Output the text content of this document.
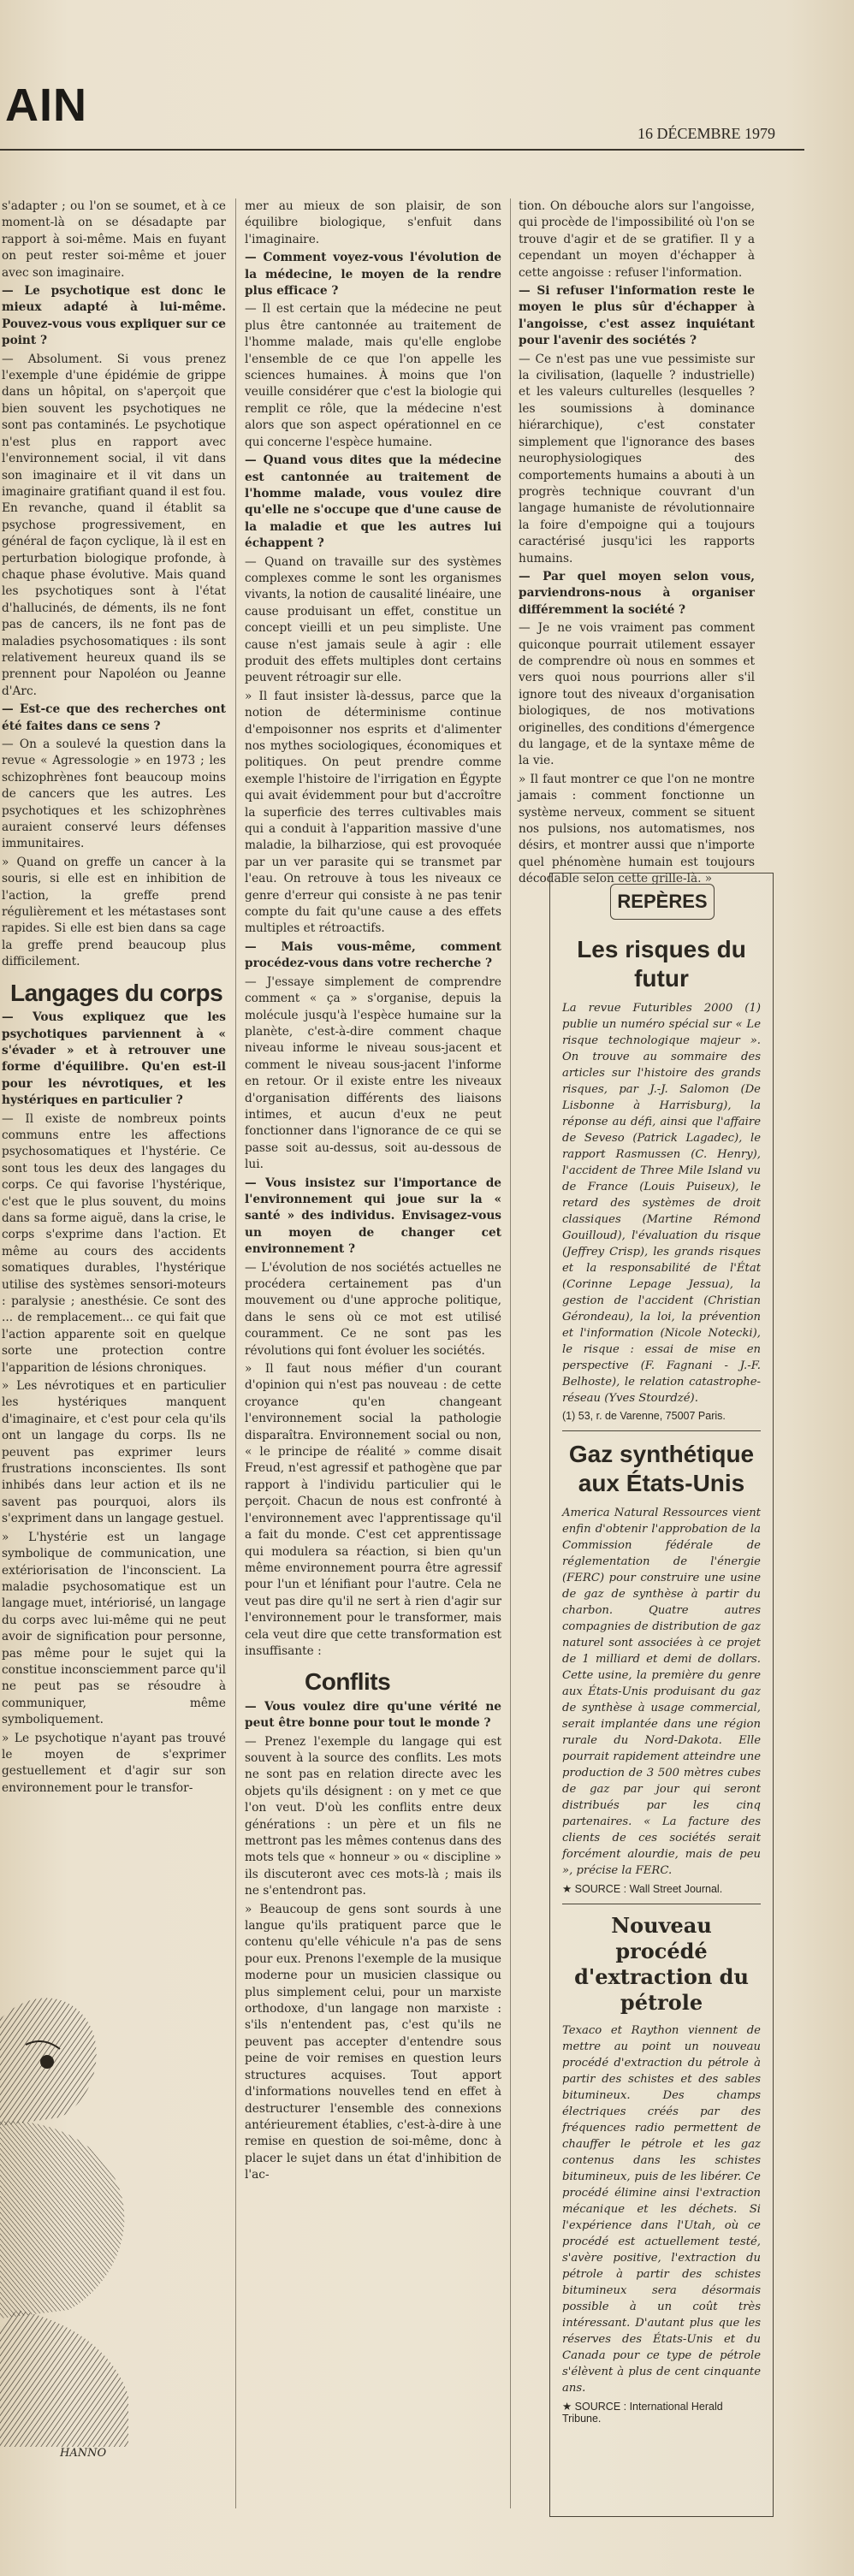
AIN
16 DÉCEMBRE 1979

s'adapter ; ou l'on se soumet, et à ce moment-là on se désadapte par rapport à soi-même. Mais en fuyant on peut rester soi-même et jouer avec son imaginaire.

— Le psychotique est donc le mieux adapté à lui-même. Pouvez-vous vous expliquer sur ce point ?

— Absolument. Si vous prenez l'exemple d'une épidémie de grippe dans un hôpital, on s'aperçoit que bien souvent les psychotiques ne sont pas contaminés. Le psychotique n'est plus en rapport avec l'environnement social, il vit dans son imaginaire et il vit dans un imaginaire gratifiant quand il est fou. En revanche, quand il établit sa psychose progressivement, en général de façon cyclique, là il est en perturbation biologique profonde, à chaque phase évolutive. Mais quand les psychotiques sont à l'état d'hallucinés, de déments, ils ne font pas de cancers, ils ne font pas de maladies psychosomatiques : ils sont relativement heureux quand ils se prennent pour Napoléon ou Jeanne d'Arc.

— Est-ce que des recherches ont été faites dans ce sens ?

— On a soulevé la question dans la revue « Agressologie » en 1973 ; les schizophrènes font beaucoup moins de cancers que les autres. Les psychotiques et les schizophrènes auraient conservé leurs défenses immunitaires.

» Quand on greffe un cancer à la souris, si elle est en inhibition de l'action, la greffe prend régulièrement et les métastases sont rapides. Si elle est bien dans sa cage la greffe prend beaucoup plus difficilement.

Langages du corps

— Vous expliquez que les psychotiques parviennent à « s'évader » et à retrouver une forme d'équilibre. Qu'en est-il pour les névrotiques, et les hystériques en particulier ?

— Il existe de nombreux points communs entre les affections psychosomatiques et l'hystérie. Ce sont tous les deux des langages du corps. Ce qui favorise l'hystérique, c'est que le plus souvent, du moins dans sa forme aiguë, dans la crise, le corps s'exprime dans l'action. Et même au cours des accidents somatiques durables, l'hystérique utilise des systèmes sensori-moteurs : paralysie ; anesthésie. Ce sont des ... de remplacement... ce qui fait que l'action apparente soit en quelque sorte une protection contre l'apparition de lésions chroniques.

» Les névrotiques et en particulier les hystériques manquent d'imaginaire, et c'est pour cela qu'ils ont un langage du corps. Ils ne peuvent pas exprimer leurs frustrations inconscientes. Ils sont inhibés dans leur action et ils ne savent pas pourquoi, alors ils s'expriment dans un langage gestuel.

» L'hystérie est un langage symbolique de communication, une extériorisation de l'inconscient. La maladie psychosomatique est un langage muet, intériorisé, un langage du corps avec lui-même qui ne peut avoir de signification pour personne, pas même pour le sujet qui la constitue inconsciemment parce qu'il ne peut pas se résoudre à communiquer, même symboliquement.

» Le psychotique n'ayant pas trouvé le moyen de s'exprimer gestuellement et d'agir sur son environnement pour le transfor-

mer au mieux de son plaisir, de son équilibre biologique, s'enfuit dans l'imaginaire.

— Comment voyez-vous l'évolution de la médecine, le moyen de la rendre plus efficace ?

— Il est certain que la médecine ne peut plus être cantonnée au traitement de l'homme malade, mais qu'elle englobe l'ensemble de ce que l'on appelle les sciences humaines. À moins que l'on veuille considérer que c'est la biologie qui remplit ce rôle, que la médecine n'est alors que son aspect opérationnel en ce qui concerne l'espèce humaine.

— Quand vous dites que la médecine est cantonnée au traitement de l'homme malade, vous voulez dire qu'elle ne s'occupe que d'une cause de la maladie et que les autres lui échappent ?

— Quand on travaille sur des systèmes complexes comme le sont les organismes vivants, la notion de causalité linéaire, une cause produisant un effet, constitue un concept vieilli et un peu simpliste. Une cause n'est jamais seule à agir : elle produit des effets multiples dont certains peuvent rétroagir sur elle.

» Il faut insister là-dessus, parce que la notion de déterminisme continue d'empoisonner nos esprits et d'alimenter nos mythes sociologiques, économiques et politiques. On peut prendre comme exemple l'histoire de l'irrigation en Égypte qui avait évidemment pour but d'accroître la superficie des terres cultivables mais qui a conduit à l'apparition massive d'une maladie, la bilharziose, qui est provoquée par un ver parasite qui se transmet par l'eau. On retrouve à tous les niveaux ce genre d'erreur qui consiste à ne pas tenir compte du fait qu'une cause a des effets multiples et rétroactifs.

— Mais vous-même, comment procédez-vous dans votre recherche ?

— J'essaye simplement de comprendre comment « ça » s'organise, depuis la molécule jusqu'à l'espèce humaine sur la planète, c'est-à-dire comment chaque niveau informe le niveau sous-jacent et comment le niveau sous-jacent l'informe en retour. Or il existe entre les niveaux d'organisation différents des liaisons intimes, et aucun d'eux ne peut fonctionner dans l'ignorance de ce qui se passe soit au-dessus, soit au-dessous de lui.

— Vous insistez sur l'importance de l'environnement qui joue sur la « santé » des individus. Envisagez-vous un moyen de changer cet environnement ?

— L'évolution de nos sociétés actuelles ne procédera certainement pas d'un mouvement ou d'une approche politique, dans le sens où ce mot est utilisé couramment. Ce ne sont pas les révolutions qui font évoluer les sociétés.

» Il faut nous méfier d'un courant d'opinion qui n'est pas nouveau : de cette croyance qu'en changeant l'environnement social la pathologie disparaîtra. Environnement social ou non, « le principe de réalité » comme disait Freud, n'est agressif et pathogène que par rapport à l'individu particulier qui le perçoit. Chacun de nous est confronté à l'environnement avec l'apprentissage qu'il a fait du monde. C'est cet apprentissage qui modulera sa réaction, si bien qu'un même environnement pourra être agressif pour l'un et lénifiant pour l'autre. Cela ne veut pas dire qu'il ne sert à rien d'agir sur l'environnement pour le transformer, mais cela veut dire que cette transformation est insuffisante :

Conflits

— Vous voulez dire qu'une vérité ne peut être bonne pour tout le monde ?

— Prenez l'exemple du langage qui est souvent à la source des conflits. Les mots ne sont pas en relation directe avec les objets qu'ils désignent : on y met ce que l'on veut. D'où les conflits entre deux générations : un père et un fils ne mettront pas les mêmes contenus dans des mots tels que « honneur » ou « discipline » ils discuteront avec ces mots-là ; mais ils ne s'entendront pas.

» Beaucoup de gens sont sourds à une langue qu'ils pratiquent parce que le contenu qu'elle véhicule n'a pas de sens pour eux. Prenons l'exemple de la musique moderne pour un musicien classique ou plus simplement celui, pour un marxiste orthodoxe, d'un langage non marxiste : s'ils n'entendent pas, c'est qu'ils ne peuvent pas accepter d'entendre sous peine de voir remises en question leurs structures acquises. Tout apport d'informations nouvelles tend en effet à destructurer l'ensemble des connexions antérieurement établies, c'est-à-dire à une remise en question de soi-même, donc à placer le sujet dans un état d'inhibition de l'ac-

tion. On débouche alors sur l'angoisse, qui procède de l'impossibilité où l'on se trouve d'agir et de se gratifier. Il y a cependant un moyen d'échapper à cette angoisse : refuser l'information.

— Si refuser l'information reste le moyen le plus sûr d'échapper à l'angoisse, c'est assez inquiétant pour l'avenir des sociétés ?

— Ce n'est pas une vue pessimiste sur la civilisation, (laquelle ? industrielle) et les valeurs culturelles (lesquelles ? les soumissions à dominance hiérarchique), c'est constater simplement que l'ignorance des bases neurophysiologiques des comportements humains a abouti à un progrès technique couvrant d'un langage humaniste de révolutionnaire la foire d'empoigne qui a toujours caractérisé jusqu'ici les rapports humains.

— Par quel moyen selon vous, parviendrons-nous à organiser différemment la société ?

— Je ne vois vraiment pas comment quiconque pourrait utilement essayer de comprendre où nous en sommes et vers quoi nous pourrions aller s'il ignore tout des niveaux d'organisation biologiques, de nos motivations originelles, des conditions d'émergence du langage, et de la syntaxe même de la vie.

» Il faut montrer ce que l'on ne montre jamais : comment fonctionne un système nerveux, comment se situent nos pulsions, nos automatismes, nos désirs, et montrer aussi que n'importe quel phénomène humain est toujours décodable selon cette grille-là. »

REPÈRES

Les risques du futur

La revue Futuribles 2000 (1) publie un numéro spécial sur « Le risque technologique majeur ». On trouve au sommaire des articles sur l'histoire des grands risques, par J.-J. Salomon (De Lisbonne à Harrisburg), la réponse au défi, ainsi que l'affaire de Seveso (Patrick Lagadec), le rapport Rasmussen (C. Henry), l'accident de Three Mile Island vu de France (Louis Puiseux), le retard des systèmes de droit classiques (Martine Rémond Gouilloud), l'évaluation du risque (Jeffrey Crisp), les grands risques et la responsabilité de l'État (Corinne Lepage Jessua), la gestion de l'accident (Christian Gérondeau), la loi, la prévention et l'information (Nicole Notecki), le risque : essai de mise en perspective (F. Fagnani - J.-F. Belhoste), le relation catastrophe-réseau (Yves Stourdzé).

(1) 53, r. de Varenne, 75007 Paris.

Gaz synthétique aux États-Unis

America Natural Ressources vient enfin d'obtenir l'approbation de la Commission fédérale de réglementation de l'énergie (FERC) pour construire une usine de gaz de synthèse à partir du charbon. Quatre autres compagnies de distribution de gaz naturel sont associées à ce projet de 1 milliard et demi de dollars. Cette usine, la première du genre aux États-Unis produisant du gaz de synthèse à usage commercial, serait implantée dans une région rurale du Nord-Dakota. Elle pourrait rapidement atteindre une production de 3 500 mètres cubes de gaz par jour qui seront distribués par les cinq partenaires. « La facture des clients de ces sociétés serait forcément alourdie, mais de peu », précise la FERC.

★ SOURCE : Wall Street Journal.

Nouveau procédé d'extraction du pétrole

Texaco et Raython viennent de mettre au point un nouveau procédé d'extraction du pétrole à partir des schistes et des sables bitumineux. Des champs électriques créés par des fréquences radio permettent de chauffer le pétrole et les gaz contenus dans les schistes bitumineux, puis de les libérer. Ce procédé élimine ainsi l'extraction mécanique et les déchets. Si l'expérience dans l'Utah, où ce procédé est actuellement testé, s'avère positive, l'extraction du pétrole à partir des schistes bitumineux sera désormais possible à un coût très intéressant. D'autant plus que les réserves des États-Unis et du Canada pour ce type de pétrole s'élèvent à plus de cent cinquante ans.

★ SOURCE : International Herald Tribune.

HANNO
